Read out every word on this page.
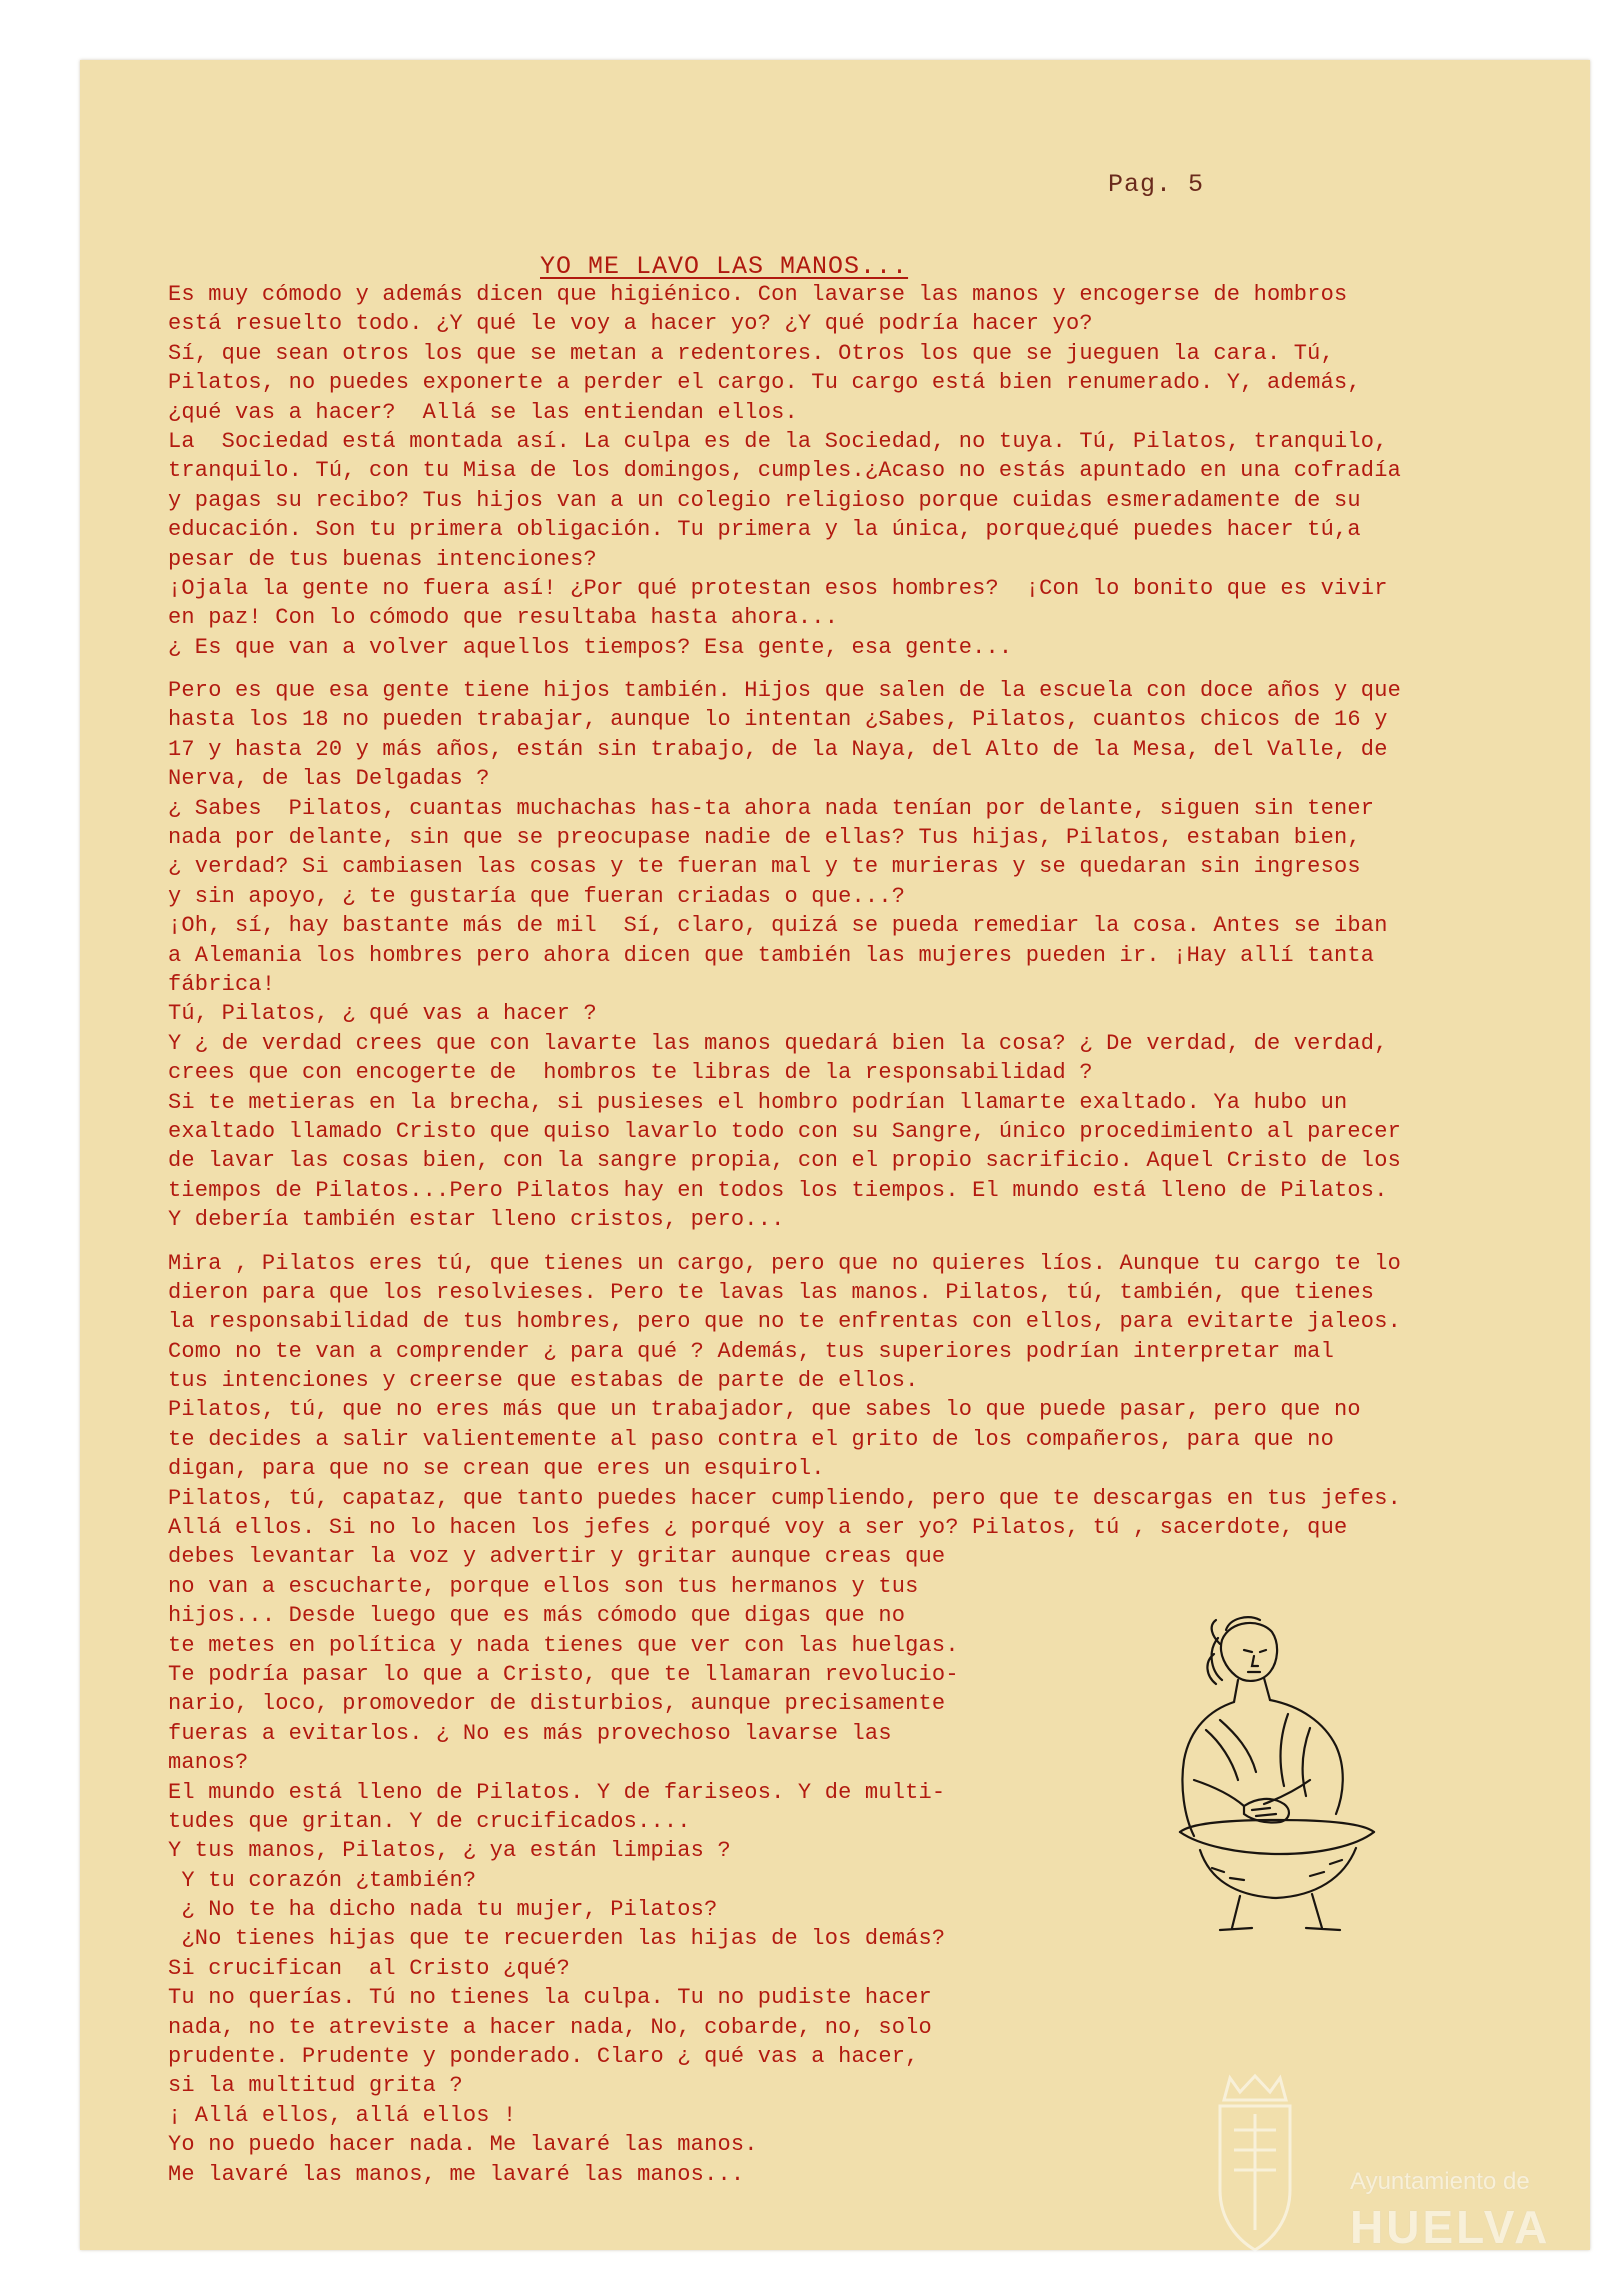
Pag. 5
YO ME LAVO LAS MANOS...
Es muy cómodo y además dicen que higiénico. Con lavarse las manos y encogerse de hombros
está resuelto todo. ¿Y qué le voy a hacer yo? ¿Y qué podría hacer yo?
Sí, que sean otros los que se metan a redentores. Otros los que se jueguen la cara. Tú,
Pilatos, no puedes exponerte a perder el cargo. Tu cargo está bien renumerado. Y, además,
¿qué vas a hacer?  Allá se las entiendan ellos.
La  Sociedad está montada así. La culpa es de la Sociedad, no tuya. Tú, Pilatos, tranquilo,
tranquilo. Tú, con tu Misa de los domingos, cumples.¿Acaso no estás apuntado en una cofradía
y pagas su recibo? Tus hijos van a un colegio religioso porque cuidas esmeradamente de su
educación. Son tu primera obligación. Tu primera y la única, porque¿qué puedes hacer tú,a
pesar de tus buenas intenciones?
¡Ojala la gente no fuera así! ¿Por qué protestan esos hombres?  ¡Con lo bonito que es vivir
en paz! Con lo cómodo que resultaba hasta ahora...
¿ Es que van a volver aquellos tiempos? Esa gente, esa gente...
Pero es que esa gente tiene hijos también. Hijos que salen de la escuela con doce años y que
hasta los 18 no pueden trabajar, aunque lo intentan ¿Sabes, Pilatos, cuantos chicos de 16 y
17 y hasta 20 y más años, están sin trabajo, de la Naya, del Alto de la Mesa, del Valle, de
Nerva, de las Delgadas ?
¿ Sabes  Pilatos, cuantas muchachas has-ta ahora nada tenían por delante, siguen sin tener
nada por delante, sin que se preocupase nadie de ellas? Tus hijas, Pilatos, estaban bien,
¿ verdad? Si cambiasen las cosas y te fueran mal y te murieras y se quedaran sin ingresos
y sin apoyo, ¿ te gustaría que fueran criadas o que...?
¡Oh, sí, hay bastante más de mil  Sí, claro, quizá se pueda remediar la cosa. Antes se iban
a Alemania los hombres pero ahora dicen que también las mujeres pueden ir. ¡Hay allí tanta
fábrica!
Tú, Pilatos, ¿ qué vas a hacer ?
Y ¿ de verdad crees que con lavarte las manos quedará bien la cosa? ¿ De verdad, de verdad,
crees que con encogerte de  hombros te libras de la responsabilidad ?
Si te metieras en la brecha, si pusieses el hombro podrían llamarte exaltado. Ya hubo un
exaltado llamado Cristo que quiso lavarlo todo con su Sangre, único procedimiento al parecer
de lavar las cosas bien, con la sangre propia, con el propio sacrificio. Aquel Cristo de los
tiempos de Pilatos...Pero Pilatos hay en todos los tiempos. El mundo está lleno de Pilatos.
Y debería también estar lleno cristos, pero...
Mira , Pilatos eres tú, que tienes un cargo, pero que no quieres líos. Aunque tu cargo te lo
dieron para que los resolvieses. Pero te lavas las manos. Pilatos, tú, también, que tienes
la responsabilidad de tus hombres, pero que no te enfrentas con ellos, para evitarte jaleos.
Como no te van a comprender ¿ para qué ? Además, tus superiores podrían interpretar mal
tus intenciones y creerse que estabas de parte de ellos.
Pilatos, tú, que no eres más que un trabajador, que sabes lo que puede pasar, pero que no
te decides a salir valientemente al paso contra el grito de los compañeros, para que no
digan, para que no se crean que eres un esquirol.
Pilatos, tú, capataz, que tanto puedes hacer cumpliendo, pero que te descargas en tus jefes.
Allá ellos. Si no lo hacen los jefes ¿ porqué voy a ser yo? Pilatos, tú , sacerdote, que
debes levantar la voz y advertir y gritar aunque creas que
no van a escucharte, porque ellos son tus hermanos y tus
hijos... Desde luego que es más cómodo que digas que no
te metes en política y nada tienes que ver con las huelgas.
Te podría pasar lo que a Cristo, que te llamaran revolucio-
nario, loco, promovedor de disturbios, aunque precisamente
fueras a evitarlos. ¿ No es más provechoso lavarse las
manos?
El mundo está lleno de Pilatos. Y de fariseos. Y de multi-
tudes que gritan. Y de crucificados....
Y tus manos, Pilatos, ¿ ya están limpias ?
Y tu corazón ¿también?
¿ No te ha dicho nada tu mujer, Pilatos?
¿No tienes hijas que te recuerden las hijas de los demás?
Si crucifican  al Cristo ¿qué?
Tu no querías. Tú no tienes la culpa. Tu no pudiste hacer
nada, no te atreviste a hacer nada, No, cobarde, no, solo
prudente. Prudente y ponderado. Claro ¿ qué vas a hacer,
si la multitud grita ?
¡ Allá ellos, allá ellos !
Yo no puedo hacer nada. Me lavaré las manos.
Me lavaré las manos, me lavaré las manos...	Ayuntamiento de
HUELVA
